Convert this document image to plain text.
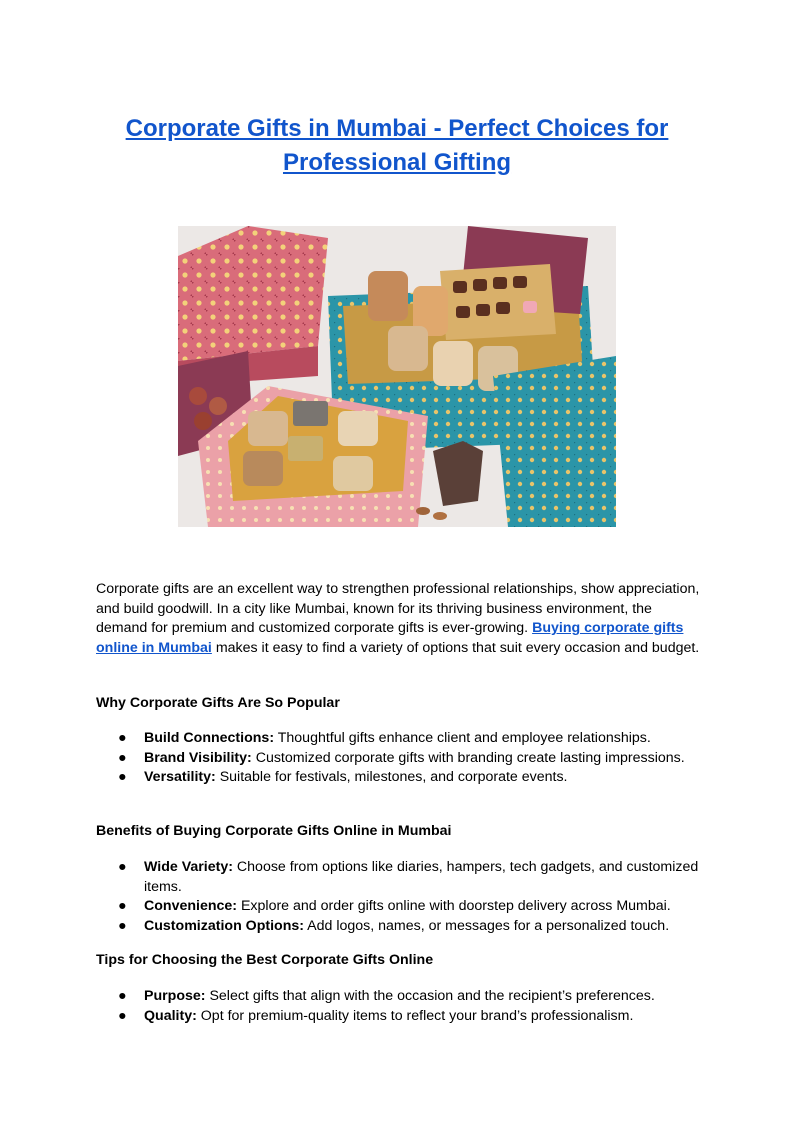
Corporate Gifts in Mumbai - Perfect Choices for Professional Gifting

Corporate gifts are an excellent way to strengthen professional relationships, show appreciation, and build goodwill. In a city like Mumbai, known for its thriving business environment, the demand for premium and customized corporate gifts is ever-growing. Buying corporate gifts online in Mumbai makes it easy to find a variety of options that suit every occasion and budget.

Why Corporate Gifts Are So Popular
● Build Connections: Thoughtful gifts enhance client and employee relationships.
● Brand Visibility: Customized corporate gifts with branding create lasting impressions.
● Versatility: Suitable for festivals, milestones, and corporate events.
Benefits of Buying Corporate Gifts Online in Mumbai
● Wide Variety: Choose from options like diaries, hampers, tech gadgets, and customized items.
● Convenience: Explore and order gifts online with doorstep delivery across Mumbai.
● Customization Options: Add logos, names, or messages for a personalized touch.
Tips for Choosing the Best Corporate Gifts Online
● Purpose: Select gifts that align with the occasion and the recipient’s preferences.
● Quality: Opt for premium-quality items to reflect your brand’s professionalism.
